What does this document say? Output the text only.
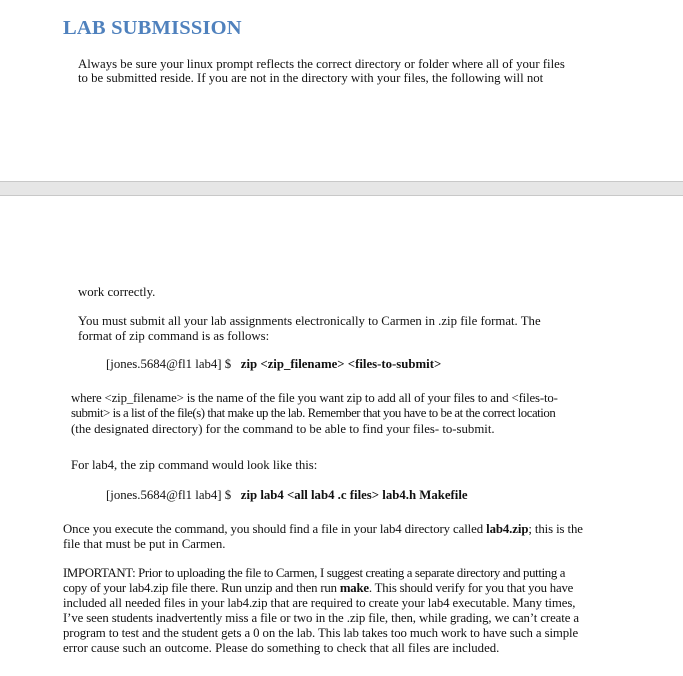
LAB SUBMISSION

Always be sure your linux prompt reflects the correct directory or folder where all of your files

to be submitted reside. If you are not in the directory with your files, the following will not

work correctly.

You must submit all your lab assignments electronically to Carmen in .zip file format. The

format of zip command is as follows:

[jones.5684@fl1 lab4] $ zip <zip_filename> <files-to-submit>

where <zip_filename> is the name of the file you want zip to add all of your files to and <files-to-

submit> is a list of the file(s) that make up the lab. Remember that you have to be at the correct location

(the designated directory) for the command to be able to find your files- to-submit.

For lab4, the zip command would look like this:

[jones.5684@fl1 lab4] $ zip lab4 <all lab4 .c files> lab4.h Makefile

Once you execute the command, you should find a file in your lab4 directory called lab4.zip; this is the

file that must be put in Carmen.

IMPORTANT: Prior to uploading the file to Carmen, I suggest creating a separate directory and putting a

copy of your lab4.zip file there. Run unzip and then run make. This should verify for you that you have

included all needed files in your lab4.zip that are required to create your lab4 executable. Many times,

I’ve seen students inadvertently miss a file or two in the .zip file, then, while grading, we can’t create a

program to test and the student gets a 0 on the lab. This lab takes too much work to have such a simple

error cause such an outcome. Please do something to check that all files are included.
